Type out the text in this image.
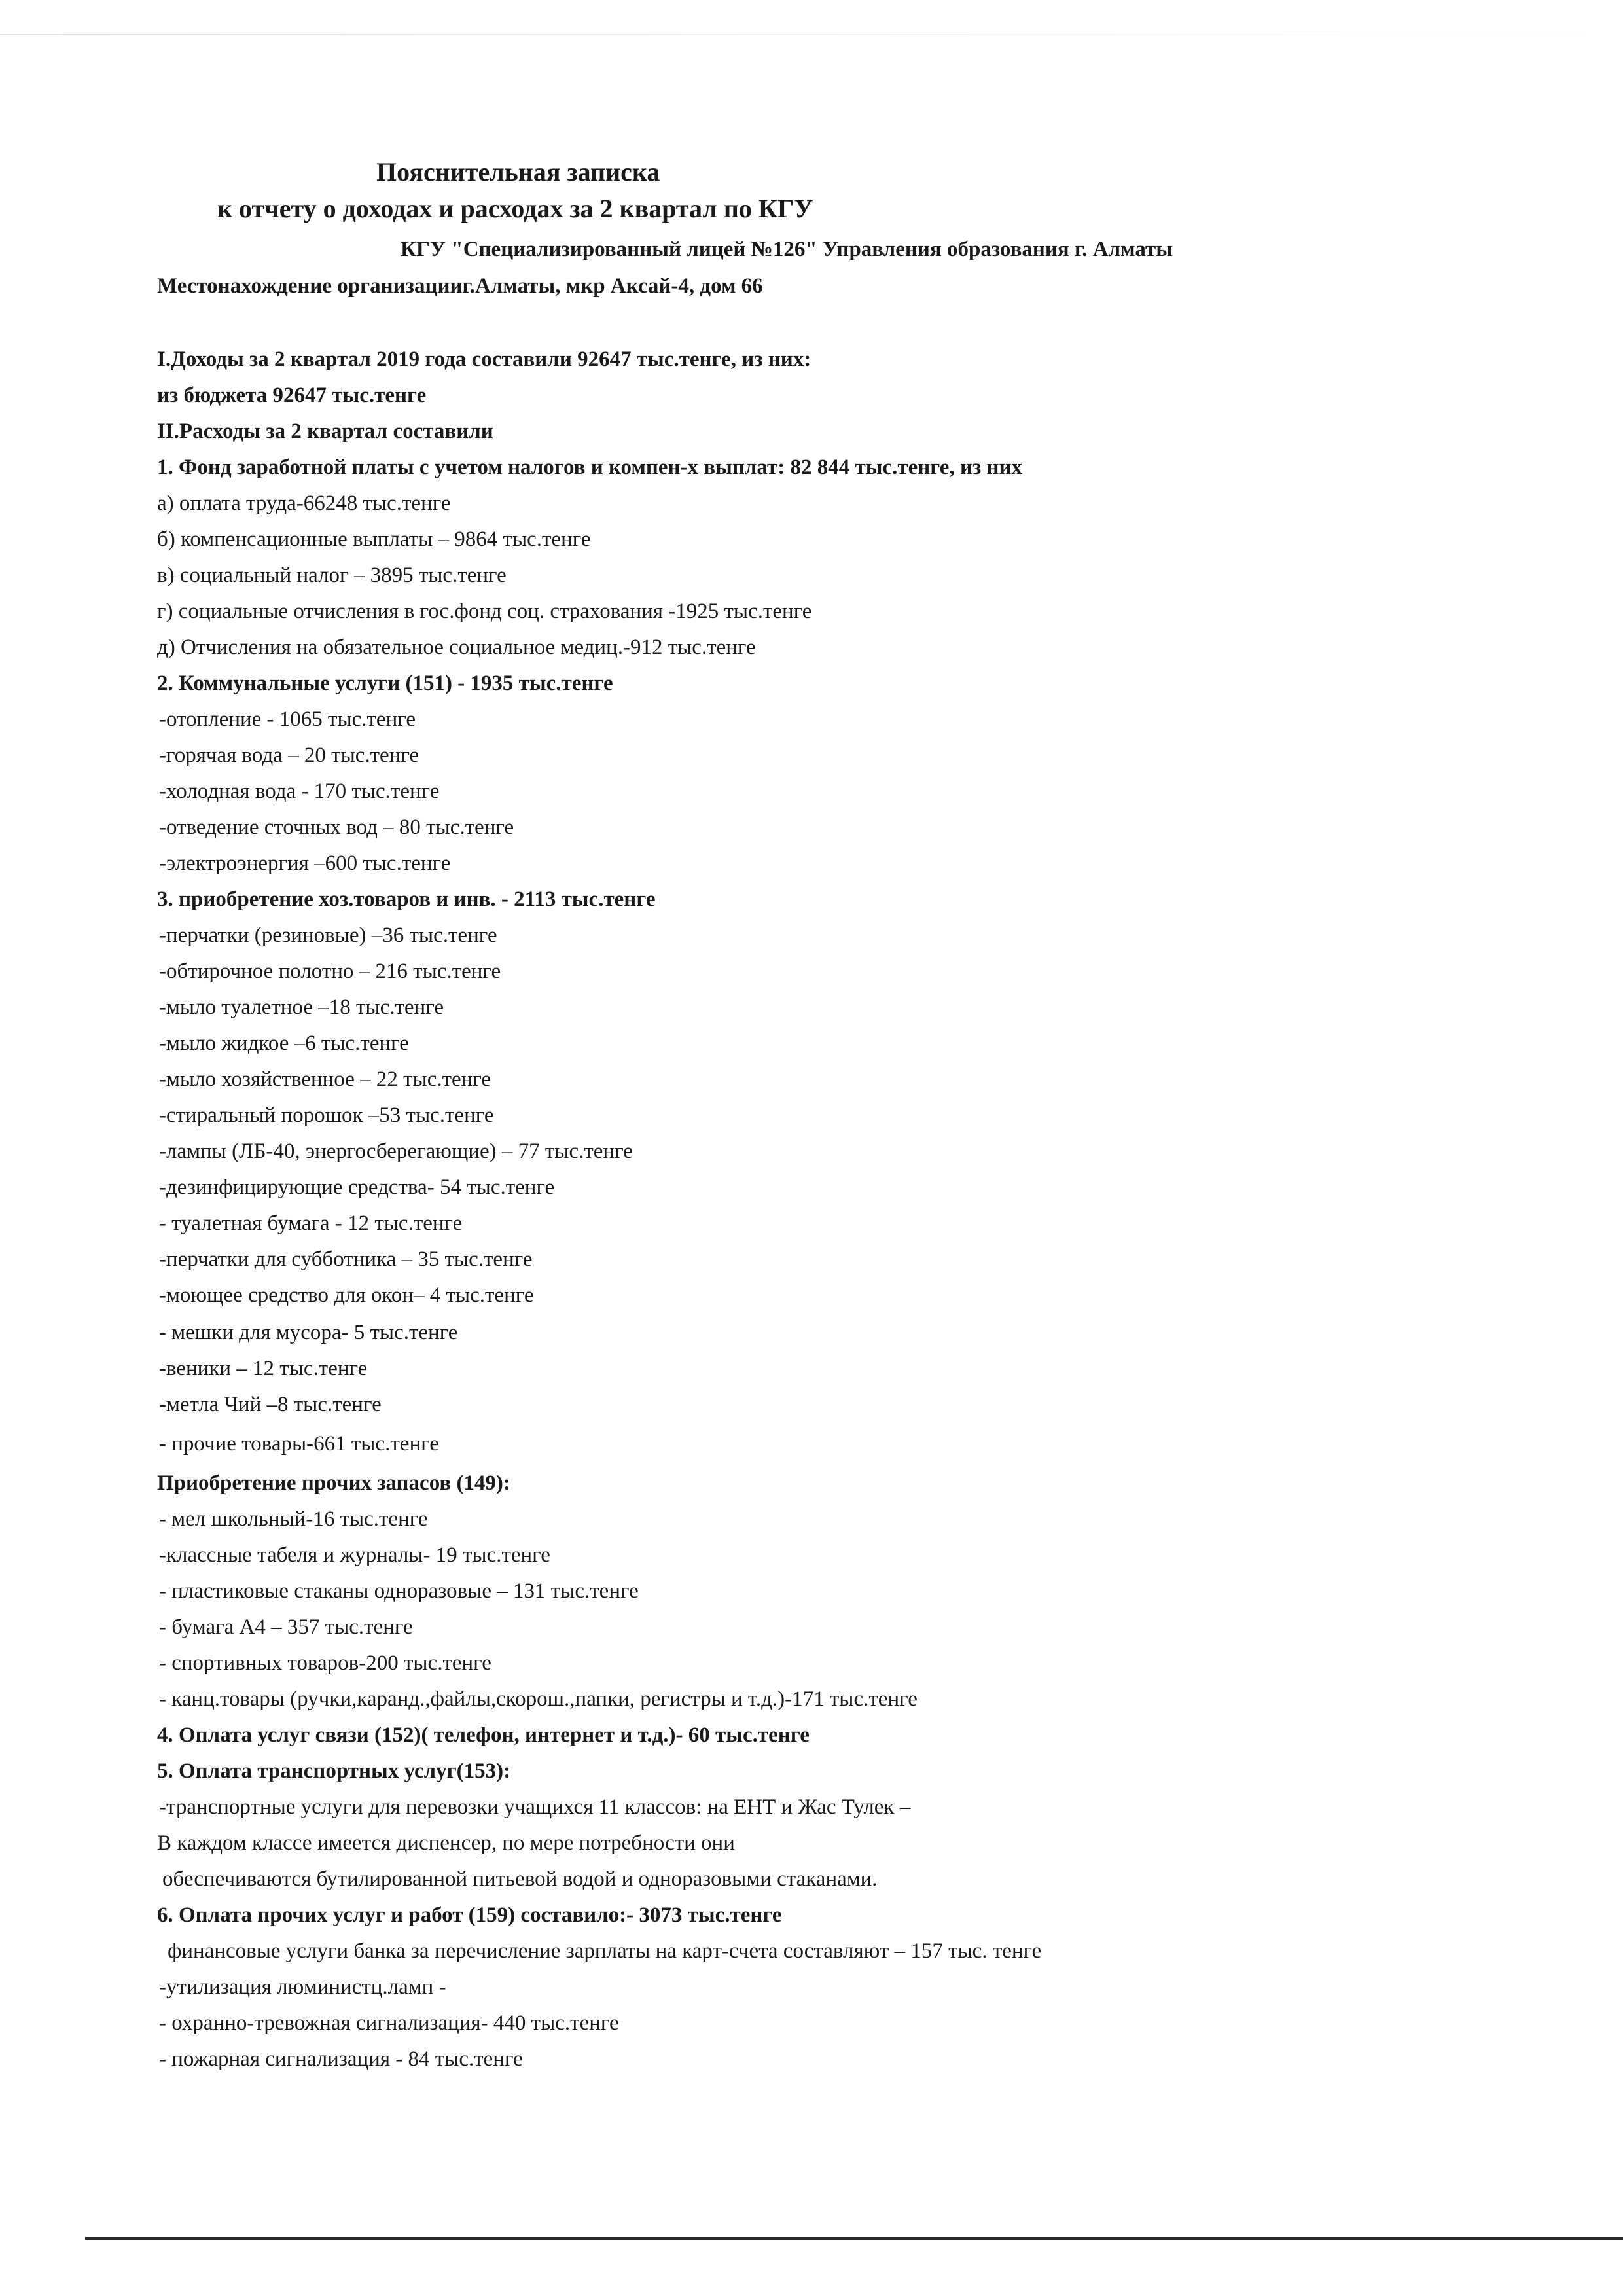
Пояснительная записка
к отчету о доходах и расходах за 2 квартал по КГУ
КГУ "Специализированный лицей №126" Управления образования г. Алматы
Местонахождение организацииг.Алматы, мкр Аксай-4, дом 66
I.Доходы за 2 квартал 2019 года составили 92647 тыс.тенге, из них:
из бюджета 92647 тыс.тенге
II.Расходы за 2 квартал составили
1. Фонд заработной платы с учетом налогов и компен-х выплат: 82 844 тыс.тенге, из них
а) оплата труда-66248 тыс.тенге
б) компенсационные выплаты – 9864 тыс.тенге
в) социальный налог – 3895 тыс.тенге
г) социальные отчисления в гос.фонд соц. страхования -1925 тыс.тенге
д) Отчисления на обязательное социальное медиц.-912 тыс.тенге
2. Коммунальные услуги (151) - 1935 тыс.тенге
-отопление - 1065 тыс.тенге
-горячая вода – 20 тыс.тенге
-холодная вода - 170 тыс.тенге
-отведение сточных вод – 80 тыс.тенге
-электроэнергия –600 тыс.тенге
3. приобретение хоз.товаров и инв. - 2113 тыс.тенге
-перчатки (резиновые) –36 тыс.тенге
-обтирочное полотно – 216 тыс.тенге
-мыло туалетное –18 тыс.тенге
-мыло жидкое –6 тыс.тенге
-мыло хозяйственное – 22 тыс.тенге
-стиральный порошок –53 тыс.тенге
-лампы (ЛБ-40, энергосберегающие) – 77 тыс.тенге
-дезинфицирующие средства- 54 тыс.тенге
- туалетная бумага - 12 тыс.тенге
-перчатки для субботника – 35 тыс.тенге
-моющее средство для окон– 4 тыс.тенге
- мешки для мусора- 5 тыс.тенге
-веники – 12 тыс.тенге
-метла Чий –8 тыс.тенге
- прочие товары-661 тыс.тенге
Приобретение прочих запасов (149):
- мел школьный-16 тыс.тенге
-классные табеля и журналы- 19 тыс.тенге
- пластиковые стаканы одноразовые – 131 тыс.тенге
- бумага А4 – 357 тыс.тенге
- спортивных товаров-200 тыс.тенге
- канц.товары (ручки,каранд.,файлы,скорош.,папки, регистры и т.д.)-171 тыс.тенге
4. Оплата услуг связи (152)( телефон, интернет и т.д.)- 60 тыс.тенге
5. Оплата транспортных услуг(153):
-транспортные услуги для перевозки учащихся 11 классов: на ЕНТ и Жас Тулек –
В каждом классе имеется диспенсер, по мере потребности они
обеспечиваются бутилированной питьевой водой и одноразовыми стаканами.
6. Оплата прочих услуг и работ (159) составило:- 3073 тыс.тенге
финансовые услуги банка за перечисление зарплаты на карт-счета составляют – 157 тыс. тенге
-утилизация люминистц.ламп -
- охранно-тревожная сигнализация- 440 тыс.тенге
- пожарная сигнализация - 84 тыс.тенге
